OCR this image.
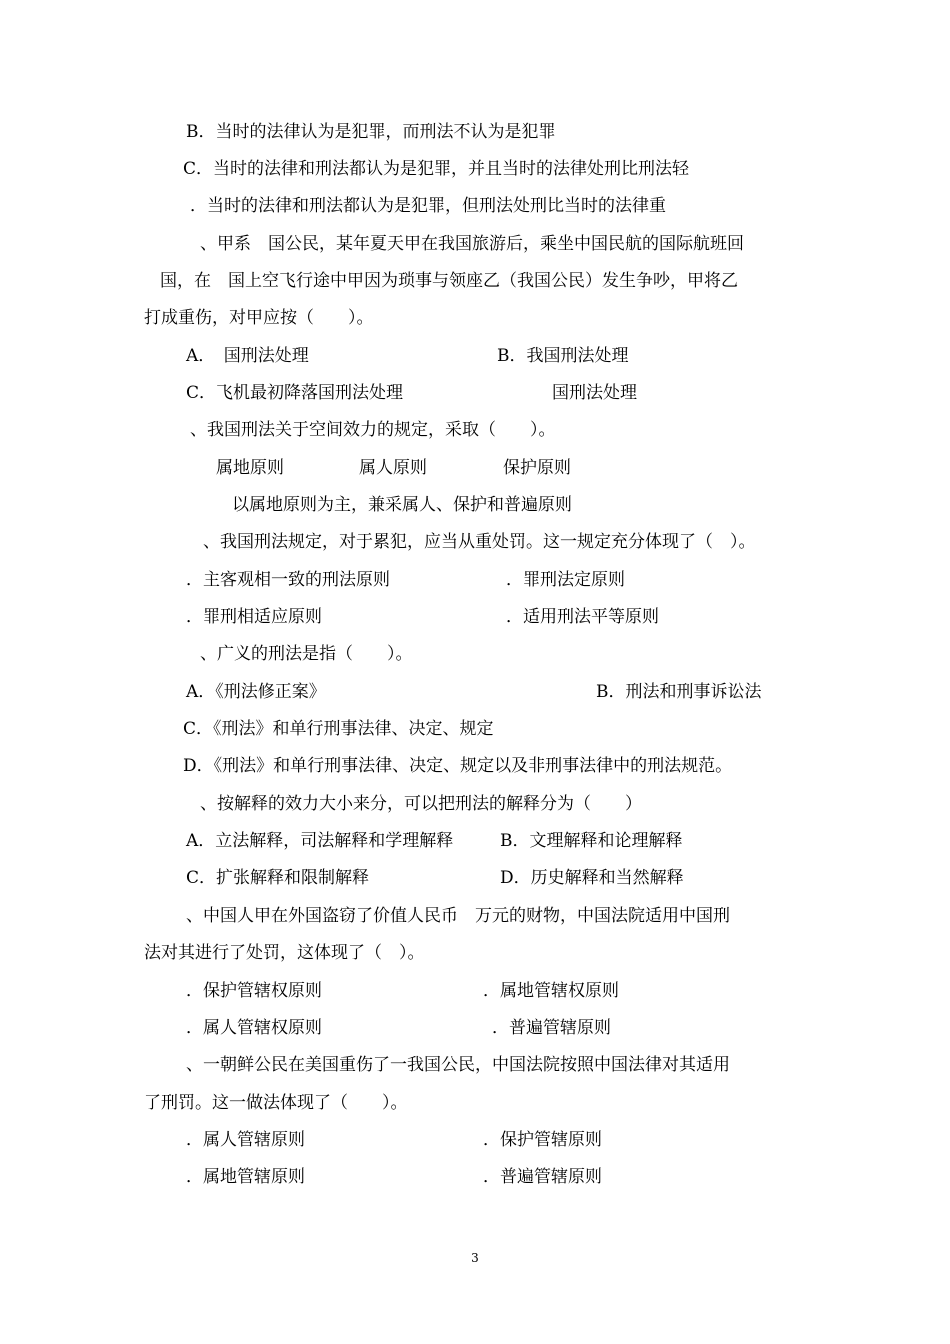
B．当时的法律认为是犯罪，而刑法不认为是犯罪
C．当时的法律和刑法都认为是犯罪，并且当时的法律处刑比刑法轻
．当时的法律和刑法都认为是犯罪，但刑法处刑比当时的法律重
、甲系　国公民，某年夏天甲在我国旅游后，乘坐中国民航的国际航班回
国，在　国上空飞行途中甲因为琐事与领座乙（我国公民）发生争吵，甲将乙
打成重伤，对甲应按（　　）。
A．　国刑法处理	B．我国刑法处理
C．飞机最初降落国刑法处理	国刑法处理
、我国刑法关于空间效力的规定，采取（　　）。
属地原则	属人原则	保护原则
以属地原则为主，兼采属人、保护和普遍原则
、我国刑法规定，对于累犯，应当从重处罚。这一规定充分体现了（　）。
．主客观相一致的刑法原则	．罪刑法定原则
．罪刑相适应原则	．适用刑法平等原则
、广义的刑法是指（　　）。
A．《刑法修正案》	B．刑法和刑事诉讼法
C．《刑法》和单行刑事法律、决定、规定
D．《刑法》和单行刑事法律、决定、规定以及非刑事法律中的刑法规范。
、按解释的效力大小来分，可以把刑法的解释分为（　　）
A．立法解释，司法解释和学理解释	B．文理解释和论理解释
C．扩张解释和限制解释	D．历史解释和当然解释
、中国人甲在外国盗窃了价值人民币　万元的财物，中国法院适用中国刑
法对其进行了处罚，这体现了（　）。
．保护管辖权原则	．属地管辖权原则
．属人管辖权原则	．普遍管辖原则
、一朝鲜公民在美国重伤了一我国公民，中国法院按照中国法律对其适用
了刑罚。这一做法体现了（　　）。
．属人管辖原则	．保护管辖原则
．属地管辖原则	．普遍管辖原则
3
